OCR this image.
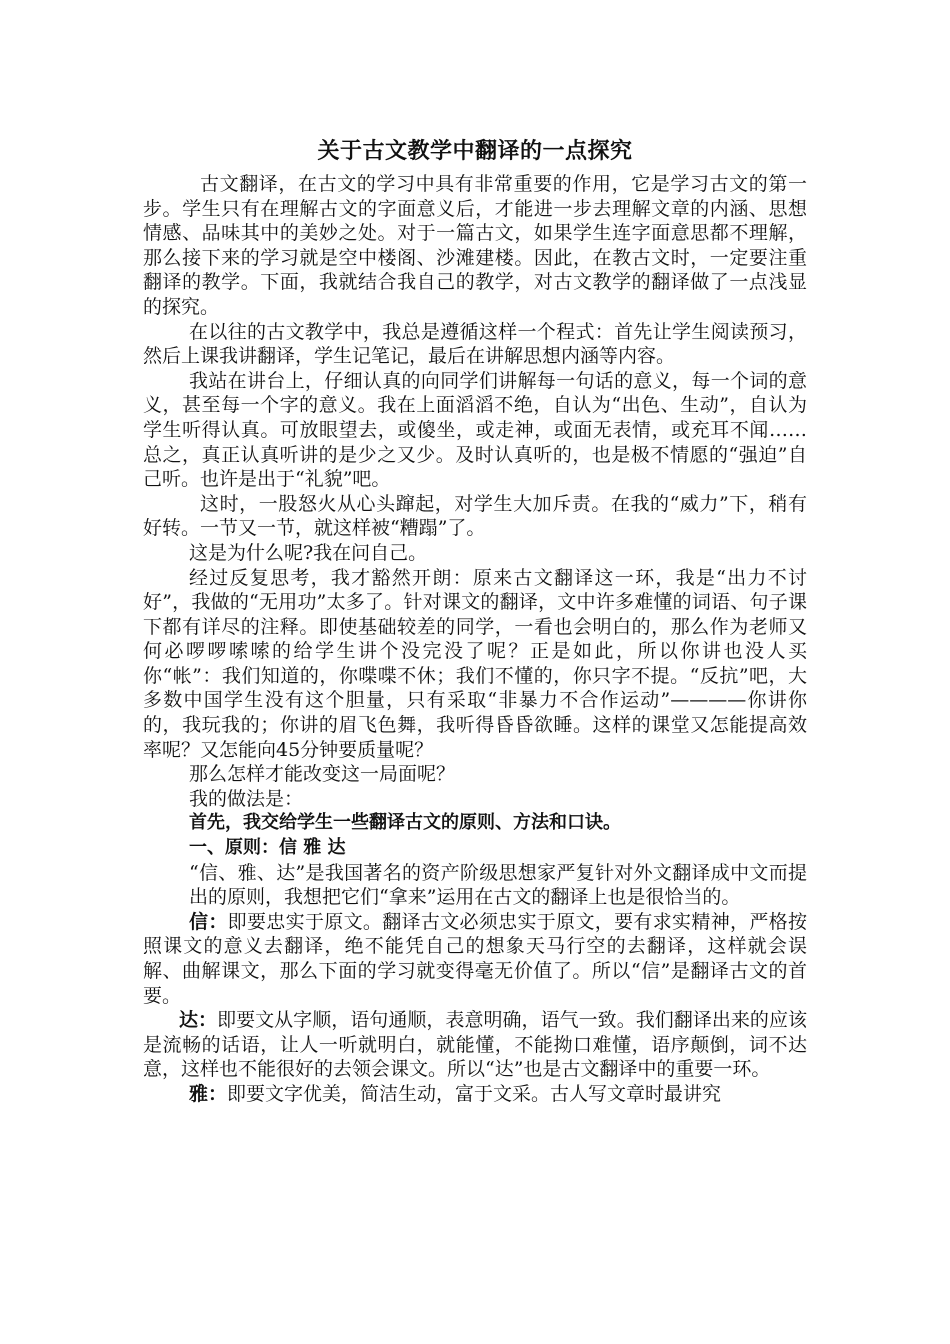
关于古文教学中翻译的一点探究

古文翻译，在古文的学习中具有非常重要的作用，它是学习古文的第一步。学生只有在理解古文的字面意义后，才能进一步去理解文章的内涵、思想情感、品味其中的美妙之处。对于一篇古文，如果学生连字面意思都不理解，那么接下来的学习就是空中楼阁、沙滩建楼。因此，在教古文时，一定要注重翻译的教学。下面，我就结合我自己的教学，对古文教学的翻译做了一点浅显的探究。

在以往的古文教学中，我总是遵循这样一个程式：首先让学生阅读预习，然后上课我讲翻译，学生记笔记，最后在讲解思想内涵等内容。

我站在讲台上，仔细认真的向同学们讲解每一句话的意义，每一个词的意义，甚至每一个字的意义。我在上面滔滔不绝，自认为“出色、生动”，自认为学生听得认真。可放眼望去，或傻坐，或走神，或面无表情，或充耳不闻……总之，真正认真听讲的是少之又少。及时认真听的，也是极不情愿的“强迫”自己听。也许是出于“礼貌”吧。

这时，一股怒火从心头蹿起，对学生大加斥责。在我的“威力”下，稍有好转。一节又一节，就这样被“糟蹋”了。

这是为什么呢?我在问自己。

经过反复思考，我才豁然开朗：原来古文翻译这一环，我是“出力不讨好”，我做的“无用功”太多了。针对课文的翻译，文中许多难懂的词语、句子课下都有详尽的注释。即使基础较差的同学，一看也会明白的，那么作为老师又何必啰啰嗦嗦的给学生讲个没完没了呢？正是如此，所以你讲也没人买你“帐”：我们知道的，你喋喋不休；我们不懂的，你只字不提。“反抗”吧，大多数中国学生没有这个胆量，只有采取“非暴力不合作运动”————你讲你的，我玩我的；你讲的眉飞色舞，我听得昏昏欲睡。这样的课堂又怎能提高效率呢？又怎能向45分钟要质量呢？

那么怎样才能改变这一局面呢？

我的做法是：

首先，我交给学生一些翻译古文的原则、方法和口诀。

一、原则：信 雅 达

“信、雅、达”是我国著名的资产阶级思想家严复针对外文翻译成中文而提出的原则，我想把它们“拿来”运用在古文的翻译上也是很恰当的。

信：即要忠实于原文。翻译古文必须忠实于原文，要有求实精神，严格按照课文的意义去翻译，绝不能凭自己的想象天马行空的去翻译，这样就会误解、曲解课文，那么下面的学习就变得毫无价值了。所以“信”是翻译古文的首要。

达：即要文从字顺，语句通顺，表意明确，语气一致。我们翻译出来的应该是流畅的话语，让人一听就明白，就能懂，不能拗口难懂，语序颠倒，词不达意，这样也不能很好的去领会课文。所以“达”也是古文翻译中的重要一环。

雅：即要文字优美，简洁生动，富于文采。古人写文章时最讲究
